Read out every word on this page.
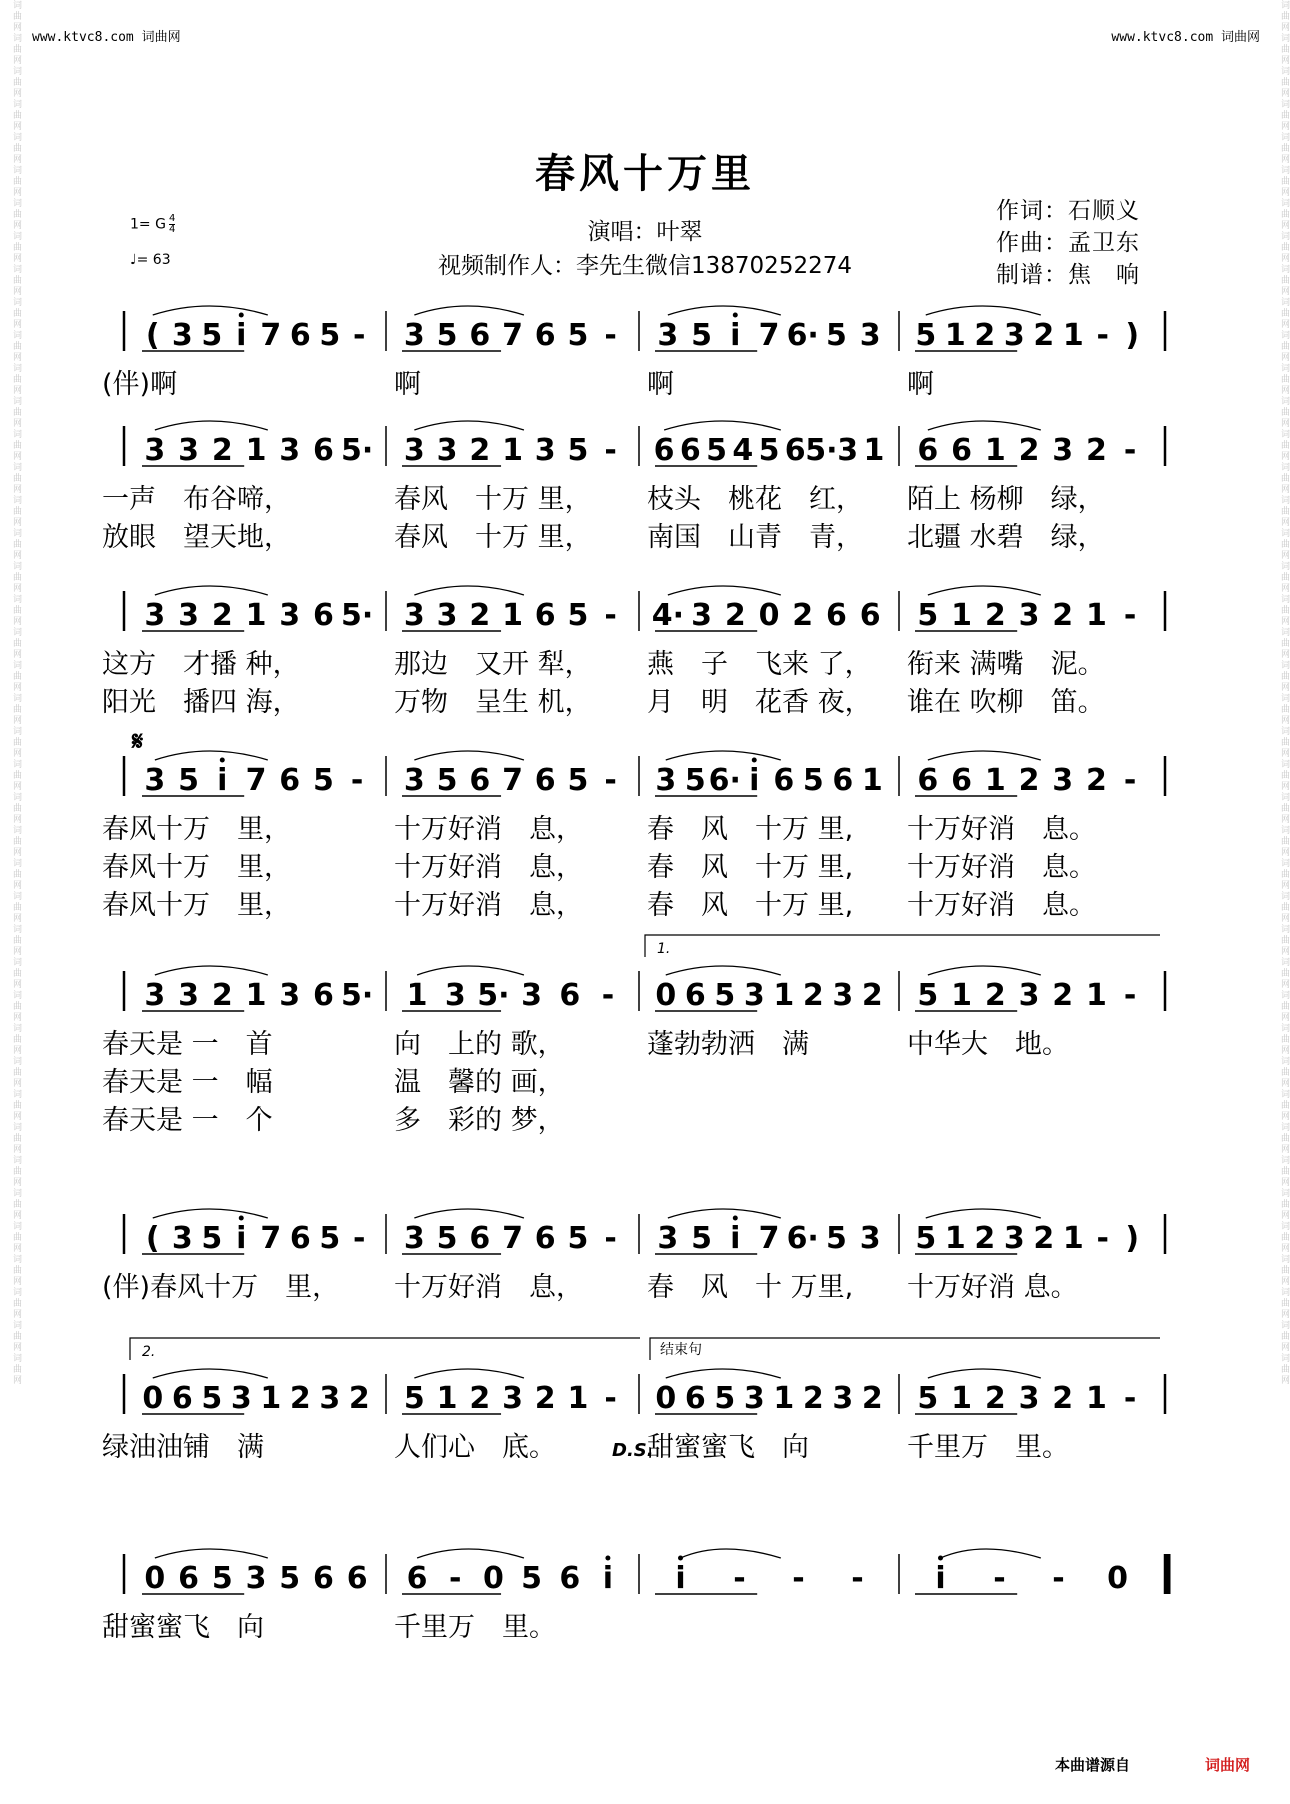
词曲网词曲网词曲网词曲网词曲网词曲网词曲网词曲网词曲网词曲网词曲网词曲网词曲网词曲网词曲网词曲网词曲网词曲网词曲网词曲网词曲网词曲网词曲网词曲网词曲网词曲网词曲网词曲网词曲网词曲网词曲网词曲网词曲网词曲网词曲网词曲网词曲网词曲网词曲网词曲网词曲网词曲网	词曲网词曲网词曲网词曲网词曲网词曲网词曲网词曲网词曲网词曲网词曲网词曲网词曲网词曲网词曲网词曲网词曲网词曲网词曲网词曲网词曲网词曲网词曲网词曲网词曲网词曲网词曲网词曲网词曲网词曲网词曲网词曲网词曲网词曲网词曲网词曲网词曲网词曲网词曲网词曲网词曲网词曲网
www.ktvc8.com 词曲网	www.ktvc8.com 词曲网
春风十万里
演唱：叶翠
视频制作人：李先生微信13870252274
作词：石顺义
作曲：孟卫东
制谱：焦　响
1= G $\frac{4}{4}$
♩= 63
( 3 5 i 7 6 5 - 3 5 6 7 6 5 - 3 5 i 7 6· 5 3 5 1 2 3 2 1 - )
(伴)啊	啊	啊	啊
3 3 2 1 3 6 5· 3 3 2 1 3 5 - 6 6 5 4 5 6 5· 3 1 6 6 1 2 3 2 -
一声　布谷啼，	春风　十万 里， 枝头　桃花　红， 陌上 杨柳　绿，
放眼　望天地，	春风　十万 里， 南国　山青　青， 北疆 水碧　绿，
3 3 2 1 3 6 5· 3 3 2 1 6 5 - 4· 3 2 0 2 6 6 5 1 2 3 2 1 -
这方　才播 种，	那边　又开 犁， 燕　子　飞来 了， 衔来 满嘴　泥。
阳光　播四 海，	万物　呈生 机， 月　明　花香 夜， 谁在 吹柳　笛。
𝄋
3 5 i 7 6 5 - 3 5 6 7 6 5 - 3 5 6· i 6 5 6 1 6 6 1 2 3 2 -
春风十万　里，	十万好消　息， 春　风　十万 里, 十万好消　息。
春风十万　里，	十万好消　息， 春　风　十万 里, 十万好消　息。
春风十万　里，	十万好消　息， 春　风　十万 里, 十万好消　息。
1.
3 3 2 1 3 6 5· 1 3 5· 3 6 - 0 6 5 3 1 2 3 2 5 1 2 3 2 1 -
春天是 一　首	向　上的 歌，	蓬勃勃洒　满	中华大　地。
春天是 一　幅	温　馨的 画，
春天是 一　个	多　彩的 梦，
( 3 5 i 7 6 5 - 3 5 6 7 6 5 - 3 5 i 7 6· 5 3 5 1 2 3 2 1 - )
(伴)春风十万　里， 十万好消　息， 春　风　十 万里, 十万好消 息。
2.	结束句
0 6 5 3 1 2 3 2 5 1 2 3 2 1 - 0 6 5 3 1 2 3 2 5 1 2 3 2 1 -
绿油油铺　满	人们心　底。	甜蜜蜜飞　向	千里万　里。
D.S.
0 6 5 3 5 6 6 6 - 0 5 6 i i - - - i - - 0
甜蜜蜜飞　向	千里万　里。
本曲谱源自	词曲网
